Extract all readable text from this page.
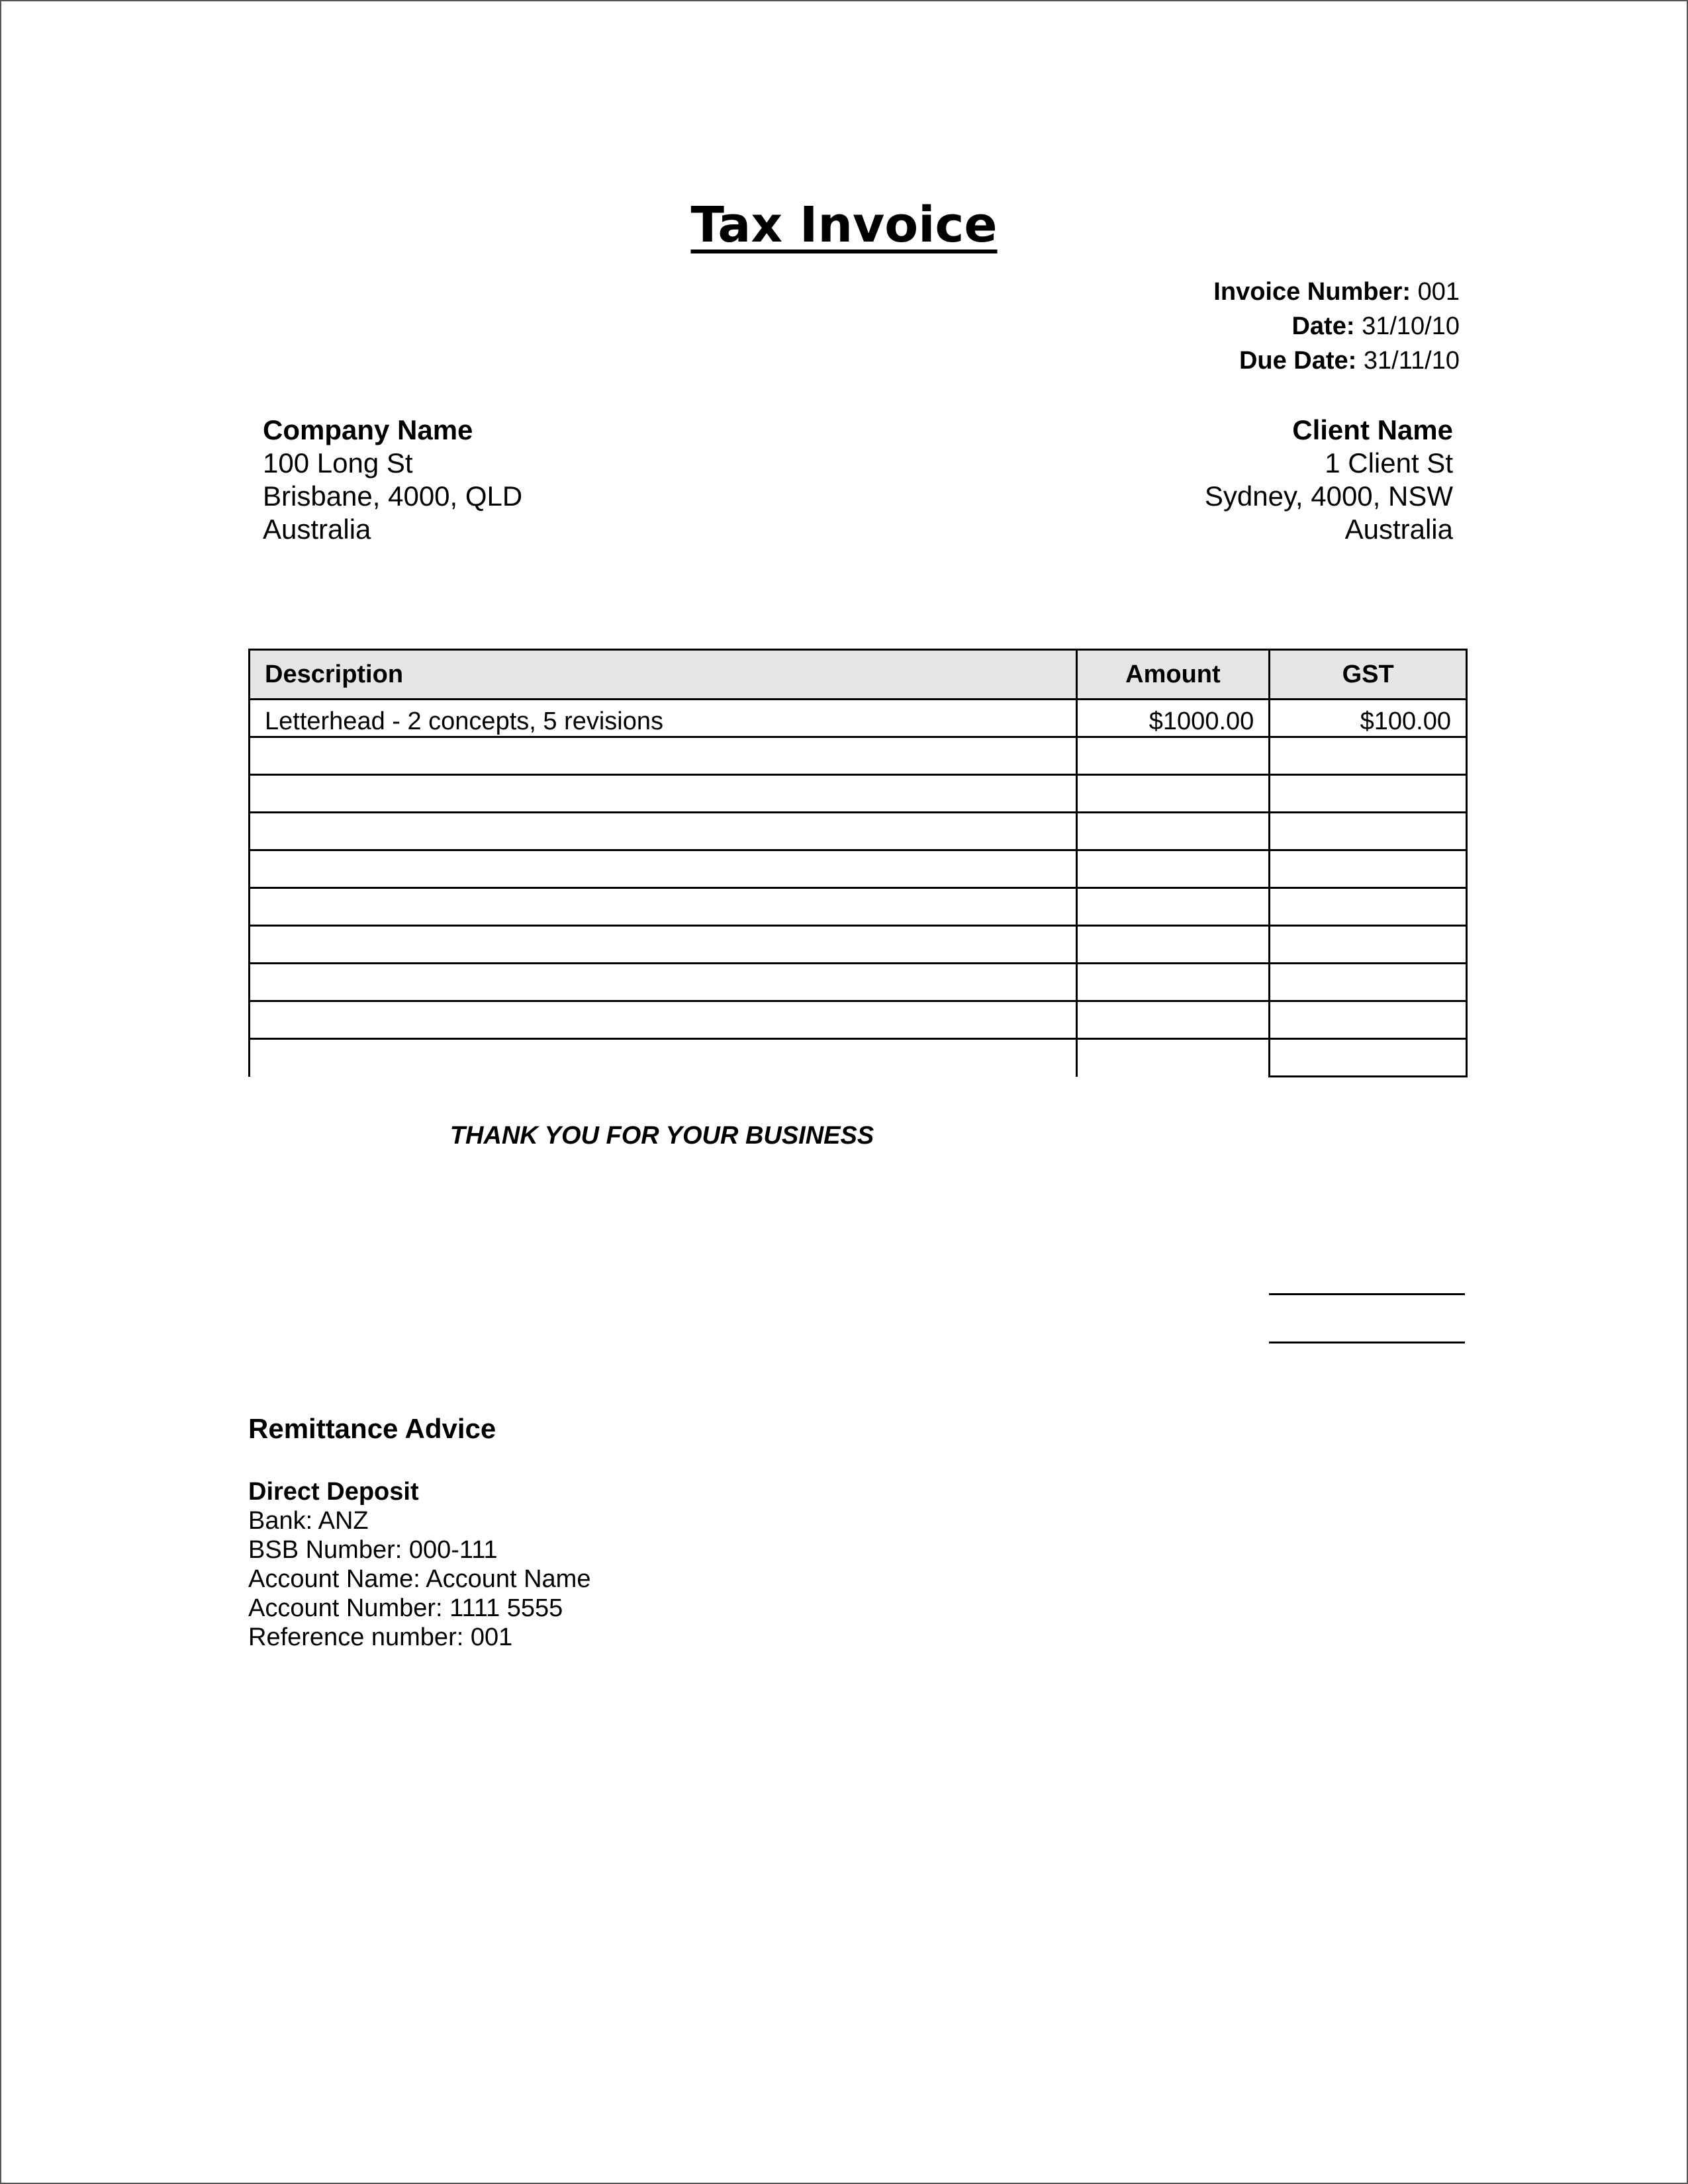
Tax Invoice
Invoice Number: 001
Date: 31/10/10
Due Date: 31/11/10
Company Name
100 Long St
Brisbane, 4000, QLD
Australia
Client Name
1 Client St
Sydney, 4000, NSW
Australia
Description	Amount	GST
Letterhead - 2 concepts, 5 revisions	$1000.00	$100.00

THANK YOU FOR YOUR BUSINESS
Remittance Advice
Direct Deposit
Bank: ANZ
BSB Number: 000-111
Account Name: Account Name
Account Number: 1111 5555
Reference number: 001
